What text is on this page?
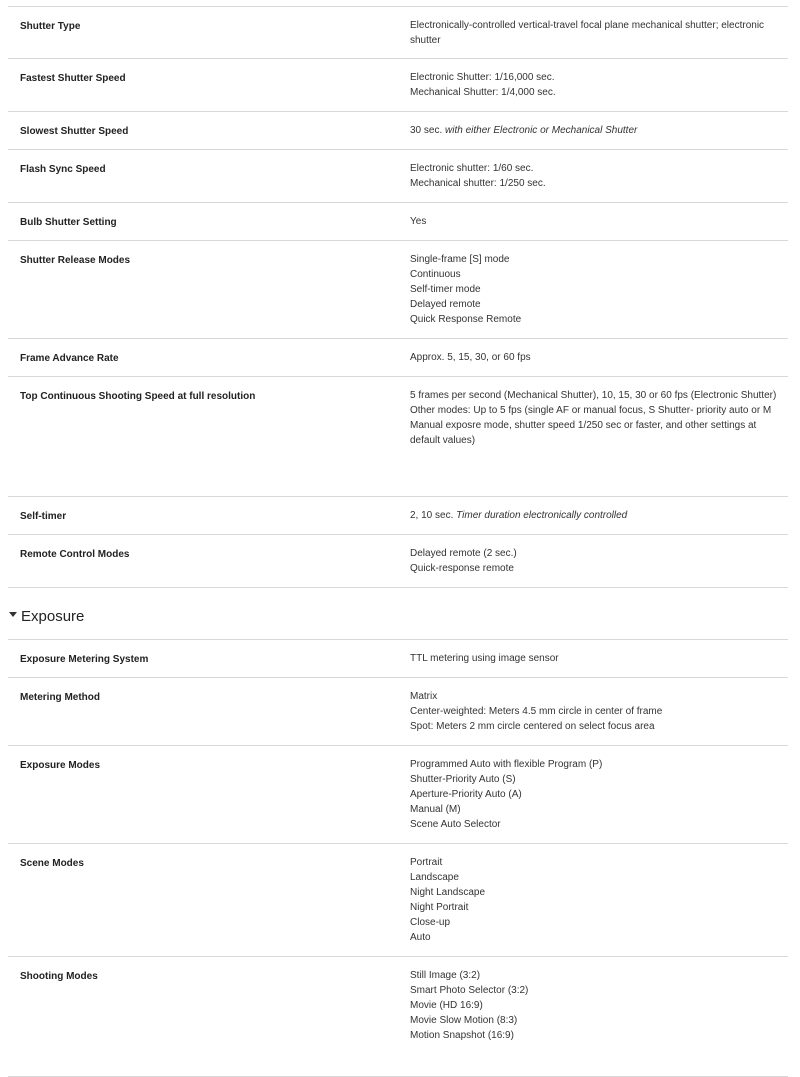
Shutter Type	Electronically-controlled vertical-travel focal plane mechanical shutter; electronic
shutter
Fastest Shutter Speed	Electronic Shutter: 1/16,000 sec.
Mechanical Shutter: 1/4,000 sec.
Slowest Shutter Speed	30 sec. with either Electronic or Mechanical Shutter
Flash Sync Speed	Electronic shutter: 1/60 sec.
Mechanical shutter: 1/250 sec.
Bulb Shutter Setting	Yes
Shutter Release Modes	Single-frame [S] mode
Continuous
Self-timer mode
Delayed remote
Quick Response Remote
Frame Advance Rate	Approx. 5, 15, 30, or 60 fps
Top Continuous Shooting Speed at full resolution	5 frames per second (Mechanical Shutter), 10, 15, 30 or 60 fps (Electronic Shutter)
Other modes: Up to 5 fps (single AF or manual focus, S Shutter- priority auto or M
Manual exposre mode, shutter speed 1/250 sec or faster, and other settings at
default values)
Self-timer	2, 10 sec. Timer duration electronically controlled
Remote Control Modes	Delayed remote (2 sec.)
Quick-response remote
Exposure
Exposure Metering System	TTL metering using image sensor
Metering Method	Matrix
Center-weighted: Meters 4.5 mm circle in center of frame
Spot: Meters 2 mm circle centered on select focus area
Exposure Modes	Programmed Auto with flexible Program (P)
Shutter-Priority Auto (S)
Aperture-Priority Auto (A)
Manual (M)
Scene Auto Selector
Scene Modes	Portrait
Landscape
Night Landscape
Night Portrait
Close-up
Auto
Shooting Modes	Still Image (3:2)
Smart Photo Selector (3:2)
Movie (HD 16:9)
Movie Slow Motion (8:3)
Motion Snapshot (16:9)
